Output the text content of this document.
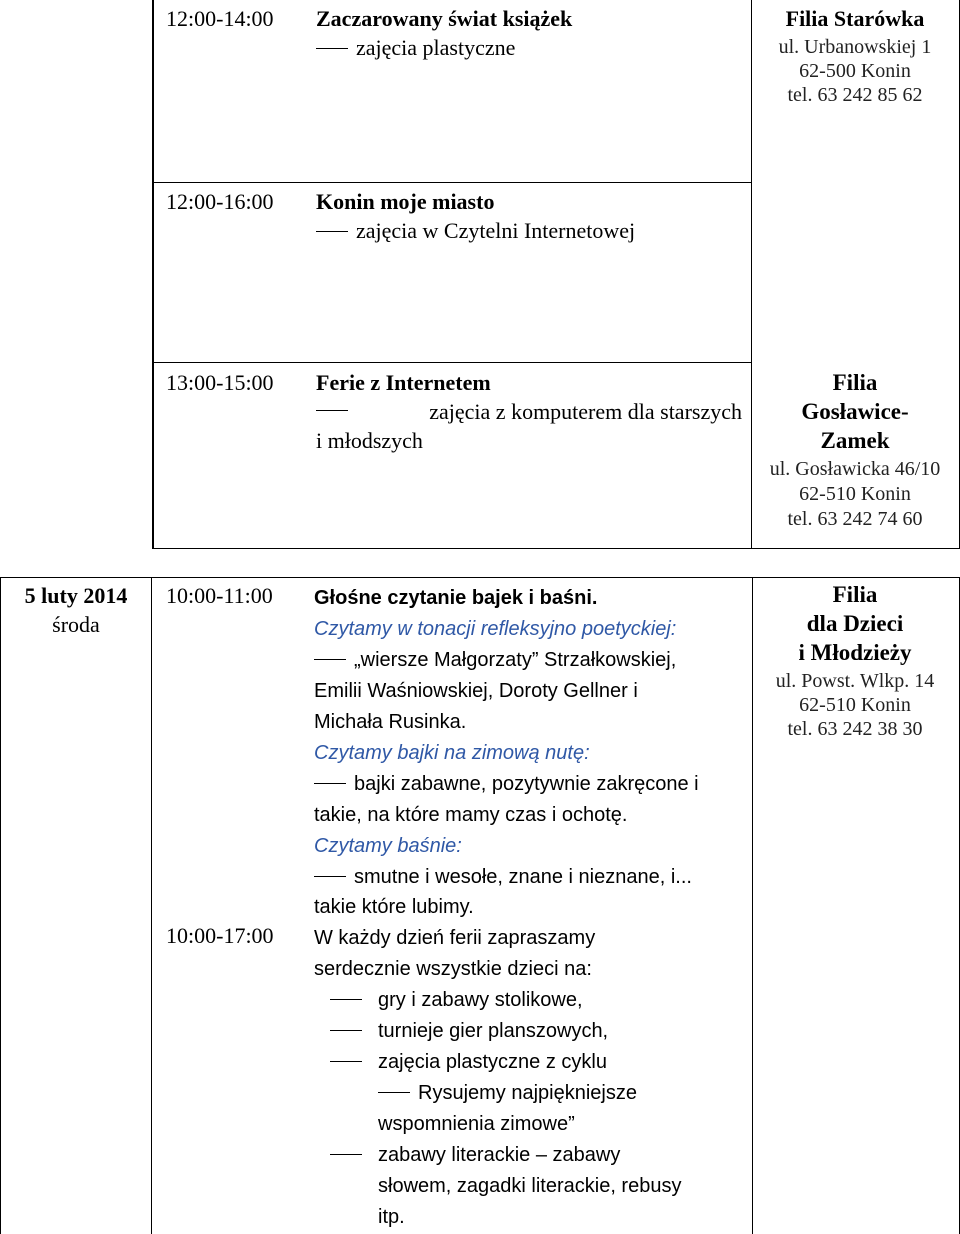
12:00-14:00 Zaczarowany świat książek
zajęcia plastyczne
Filia Starówka
ul. Urbanowskiej 1
62-500 Konin
tel. 63 242 85 62
12:00-16:00 Konin moje miasto
zajęcia w Czytelni Internetowej
13:00-15:00 Ferie z Internetem
zajęcia z komputerem dla starszych
i młodszych
Filia
Gosławice-
Zamek
ul. Gosławicka 46/10
62-510 Konin
tel. 63 242 74 60
5 luty 2014
środa
10:00-11:00 Głośne czytanie bajek i baśni.
Czytamy w tonacji refleksyjno poetyckiej:
„wiersze Małgorzaty” Strzałkowskiej,
Emilii Waśniowskiej, Doroty Gellner i
Michała Rusinka.
Czytamy bajki na zimową nutę:
bajki zabawne, pozytywnie zakręcone i
takie, na które mamy czas i ochotę.
Czytamy baśnie:
smutne i wesołe, znane i nieznane, i...
takie które lubimy.
10:00-17:00 W każdy dzień ferii zapraszamy
serdecznie wszystkie dzieci na:
gry i zabawy stolikowe,
turnieje gier planszowych,
zajęcia plastyczne z cyklu
Rysujemy najpiękniejsze
wspomnienia zimowe”
zabawy literackie – zabawy
słowem, zagadki literackie, rebusy
itp.
Filia
dla Dzieci
i Młodzieży
ul. Powst. Wlkp. 14
62-510 Konin
tel. 63 242 38 30
